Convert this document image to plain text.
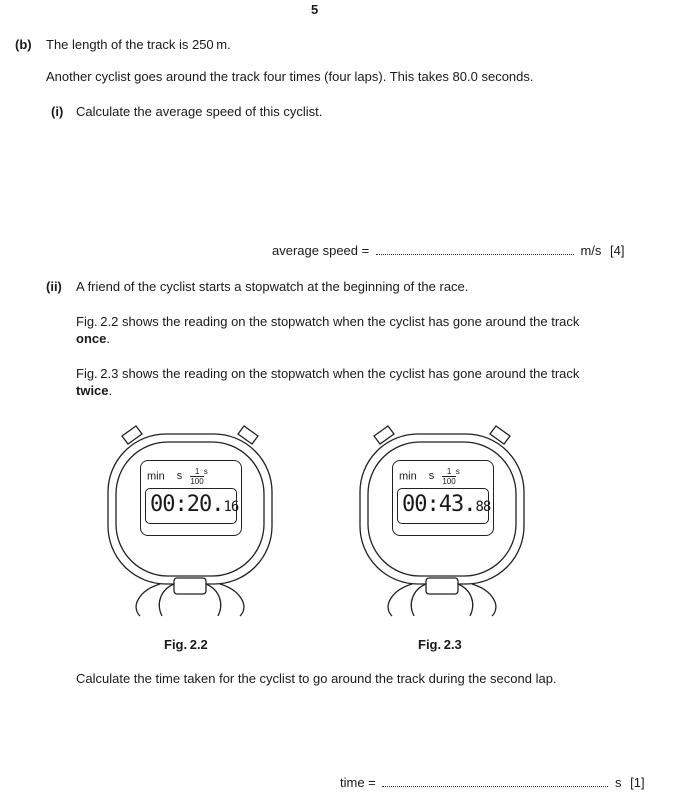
5
(b) The length of the track is 250 m.
Another cyclist goes around the track four times (four laps). This takes 80.0 seconds.
(i) Calculate the average speed of this cyclist.
average speed =	m/s [4]
(ii) A friend of the cyclist starts a stopwatch at the beginning of the race.
Fig. 2.2 shows the reading on the stopwatch when the cyclist has gone around the track
once.
Fig. 2.3 shows the reading on the stopwatch when the cyclist has gone around the track
twice.
min s $\frac{1}{100} ^s$
00:20.16
min s $\frac{1}{100} ^s$
00:43.88
Fig. 2.2	Fig. 2.3
Calculate the time taken for the cyclist to go around the track during the second lap.
time =	s [1]
